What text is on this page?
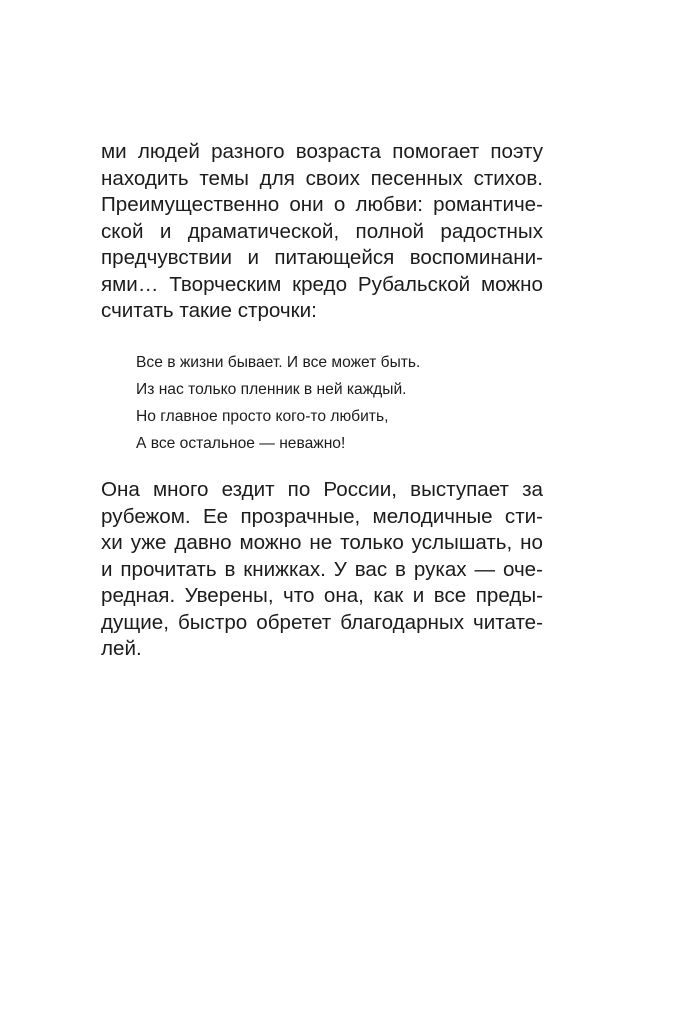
ми людей разного возраста помогает поэту
находить темы для своих песенных стихов.
Преимущественно они о любви: романтиче-
ской и драматической, полной радостных
предчувствии и питающейся воспоминани-
ями… Творческим кредо Рубальской можно
считать такие строчки:
Все в жизни бывает. И все может быть.
Из нас только пленник в ней каждый.
Но главное просто кого-то любить,
А все остальное — неважно!
Она много ездит по России, выступает за
рубежом. Ее прозрачные, мелодичные сти-
хи уже давно можно не только услышать, но
и прочитать в книжках. У вас в руках — оче-
редная. Уверены, что она, как и все преды-
дущие, быстро обретет благодарных читате-
лей.
